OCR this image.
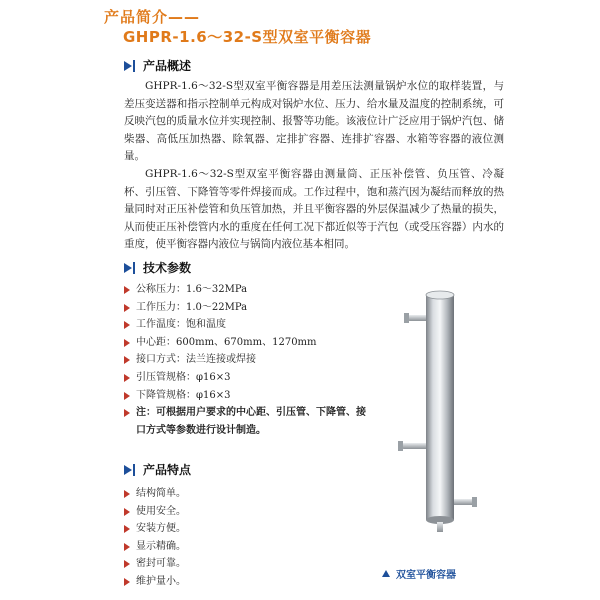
产品简介——
GHPR-1.6～32-S型双室平衡容器
产品概述

GHPR-1.6～32-S型双室平衡容器是用差压法测量锅炉水位的取样装置，与差压变送器和指示控制单元构成对锅炉水位、压力、给水量及温度的控制系统，可反映汽包的质量水位并实现控制、报警等功能。该液位计广泛应用于锅炉汽包、储柴器、高低压加热器、除氧器、定排扩容器、连排扩容器、水箱等容器的液位测量。

GHPR-1.6～32-S型双室平衡容器由测量筒、正压补偿管、负压管、冷凝杯、引压管、下降管等零件焊接而成。工作过程中，饱和蒸汽因为凝结而释放的热量同时对正压补偿管和负压管加热，并且平衡容器的外层保温减少了热量的损失，从而使正压补偿管内水的重度在任何工况下都近似等于汽包（或受压容器）内水的重度，使平衡容器内液位与锅筒内液位基本相同。

技术参数
公称压力：1.6～32MPa
工作压力：1.0～22MPa
工作温度：饱和温度
中心距：600mm、670mm、1270mm
接口方式：法兰连接或焊接
引压管规格：φ16×3
下降管规格：φ16×3
注：可根据用户要求的中心距、引压管、下降管、接口方式等参数进行设计制造。
产品特点
结构简单。
使用安全。
安装方便。
显示精确。
密封可靠。
维护量小。
双室平衡容器
